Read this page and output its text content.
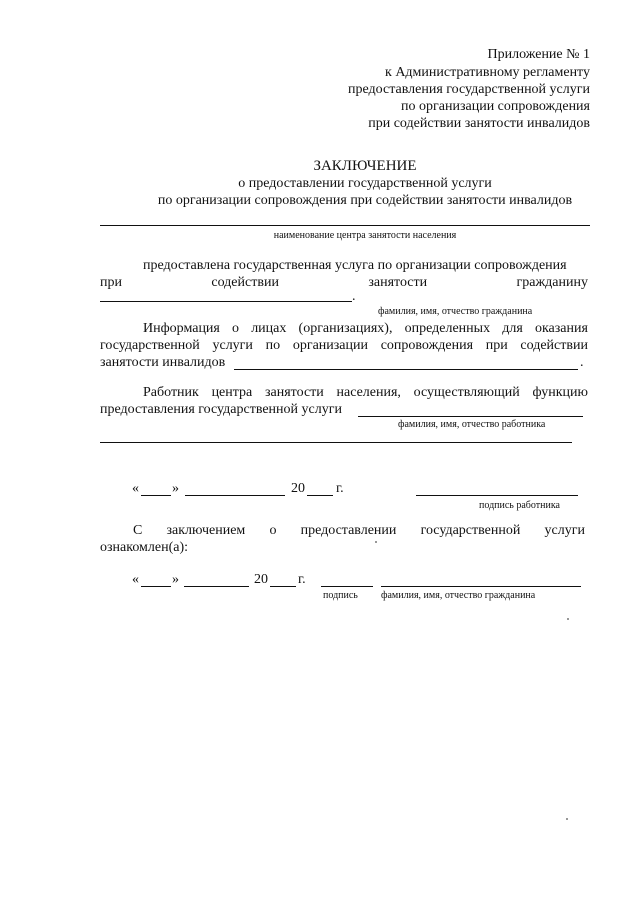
Приложение № 1
к Административному регламенту
предоставления государственной услуги
по организации сопровождения
при содействии занятости инвалидов
ЗАКЛЮЧЕНИЕ
о предоставлении государственной услуги
по организации сопровождения при содействии занятости инвалидов
наименование центра занятости населения
предоставлена государственная услуга по организации сопровождения
при	содействии	занятости	гражданину
.
фамилия, имя, отчество гражданина
Информация о лицах (организациях), определенных для оказания
государственной услуги по организации сопровождения при содействии
занятости инвалидов	.
Работник центра занятости населения, осуществляющий функцию
предоставления государственной услуги
фамилия, имя, отчество работника
« »	20 г.
подпись работника
С заключением о предоставлении государственной услуги
ознакомлен(а):
« »	20 г.
подпись фамилия, имя, отчество гражданина
